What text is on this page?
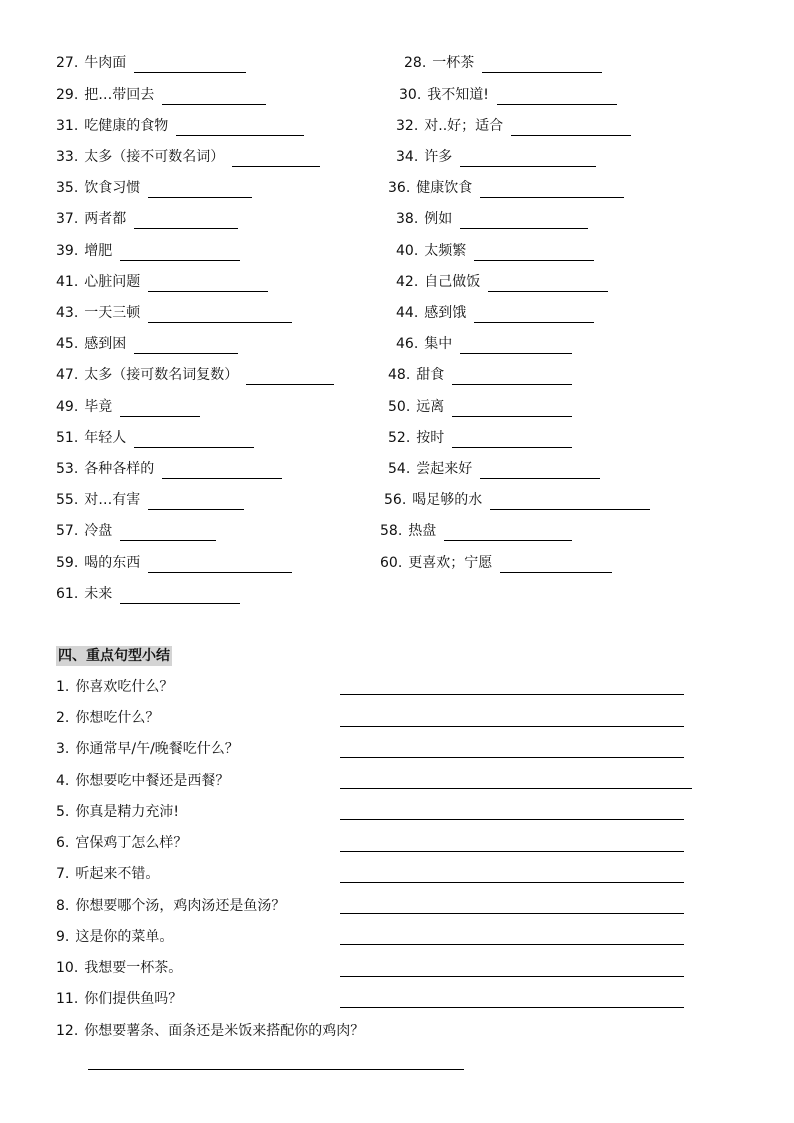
27. 牛肉面	28. 一杯茶
29. 把…带回去	30. 我不知道!
31. 吃健康的食物	32. 对..好；适合
33. 太多（接不可数名词）	34. 许多
35. 饮食习惯	36. 健康饮食
37. 两者都	38. 例如
39. 增肥	40. 太频繁
41. 心脏问题	42. 自己做饭
43. 一天三顿	44. 感到饿
45. 感到困	46. 集中
47. 太多（接可数名词复数）	48. 甜食
49. 毕竟	50. 远离
51. 年轻人	52. 按时
53. 各种各样的	54. 尝起来好
55. 对…有害	56. 喝足够的水
57. 冷盘	58. 热盘
59. 喝的东西	60. 更喜欢；宁愿
61. 未来
四、重点句型小结
1. 你喜欢吃什么？
2. 你想吃什么？
3. 你通常早/午/晚餐吃什么？
4. 你想要吃中餐还是西餐？
5. 你真是精力充沛!
6. 宫保鸡丁怎么样？
7. 听起来不错。
8. 你想要哪个汤，鸡肉汤还是鱼汤？
9. 这是你的菜单。
10. 我想要一杯茶。
11. 你们提供鱼吗？
12. 你想要薯条、面条还是米饭来搭配你的鸡肉？
